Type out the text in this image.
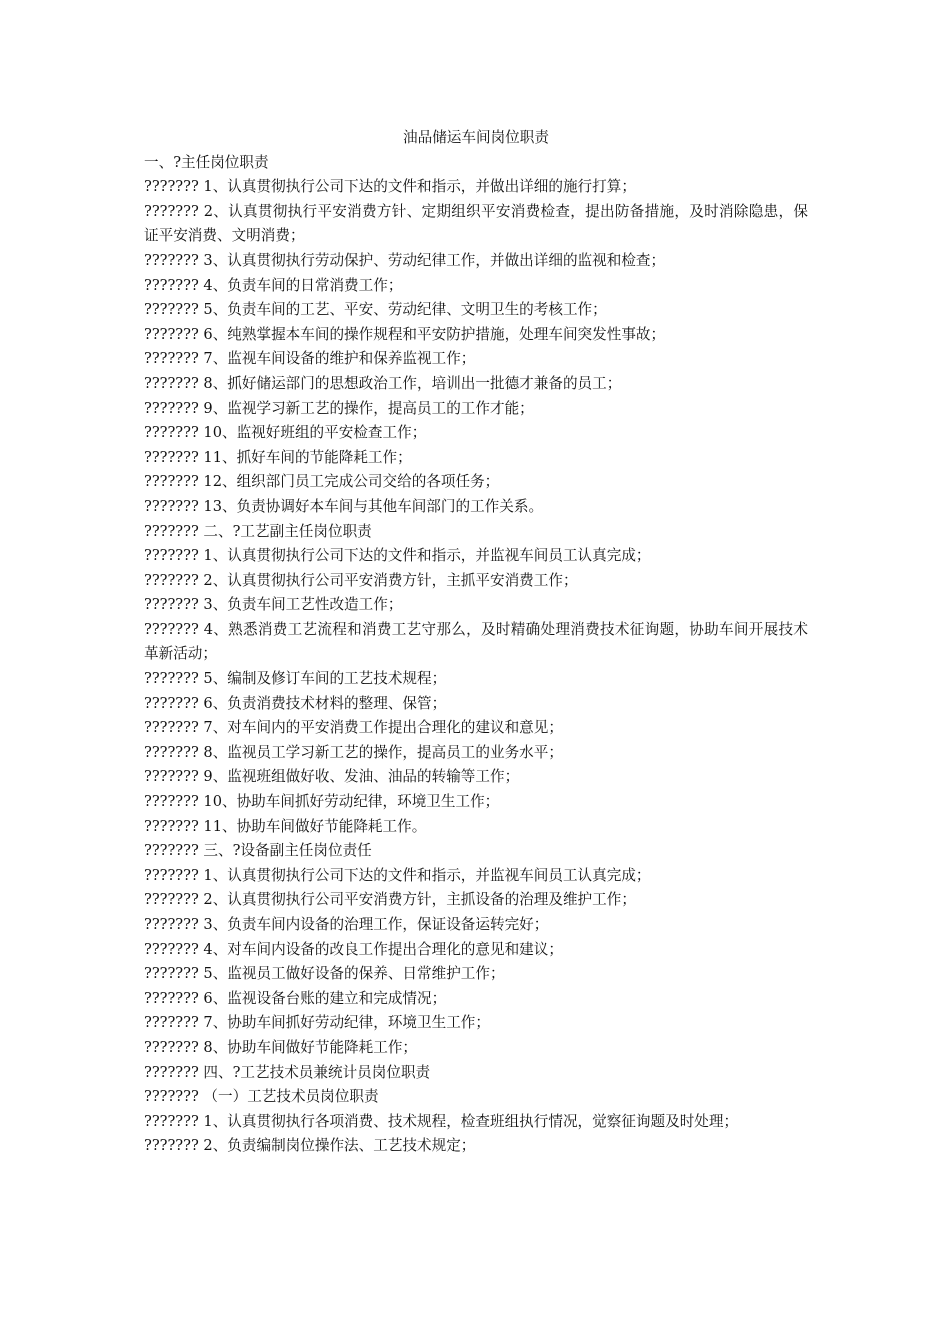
油品储运车间岗位职责

一、?主任岗位职责

??????? 1、认真贯彻执行公司下达的文件和指示，并做出详细的施行打算；

??????? 2、认真贯彻执行平安消费方针、定期组织平安消费检查，提出防备措施，及时消除隐患，保证平安消费、文明消费；

??????? 3、认真贯彻执行劳动保护、劳动纪律工作，并做出详细的监视和检查；

??????? 4、负责车间的日常消费工作；

??????? 5、负责车间的工艺、平安、劳动纪律、文明卫生的考核工作；

??????? 6、纯熟掌握本车间的操作规程和平安防护措施，处理车间突发性事故；

??????? 7、监视车间设备的维护和保养监视工作；

??????? 8、抓好储运部门的思想政治工作，培训出一批德才兼备的员工；

??????? 9、监视学习新工艺的操作，提高员工的工作才能；

??????? 10、监视好班组的平安检查工作；

??????? 11、抓好车间的节能降耗工作；

??????? 12、组织部门员工完成公司交给的各项任务；

??????? 13、负责协调好本车间与其他车间部门的工作关系。

??????? 二、?工艺副主任岗位职责

??????? 1、认真贯彻执行公司下达的文件和指示，并监视车间员工认真完成；

??????? 2、认真贯彻执行公司平安消费方针，主抓平安消费工作；

??????? 3、负责车间工艺性改造工作；

??????? 4、熟悉消费工艺流程和消费工艺守那么，及时精确处理消费技术征询题，协助车间开展技术革新活动；

??????? 5、编制及修订车间的工艺技术规程；

??????? 6、负责消费技术材料的整理、保管；

??????? 7、对车间内的平安消费工作提出合理化的建议和意见；

??????? 8、监视员工学习新工艺的操作，提高员工的业务水平；

??????? 9、监视班组做好收、发油、油品的转输等工作；

??????? 10、协助车间抓好劳动纪律，环境卫生工作；

??????? 11、协助车间做好节能降耗工作。

??????? 三、?设备副主任岗位责任

??????? 1、认真贯彻执行公司下达的文件和指示，并监视车间员工认真完成；

??????? 2、认真贯彻执行公司平安消费方针，主抓设备的治理及维护工作；

??????? 3、负责车间内设备的治理工作，保证设备运转完好；

??????? 4、对车间内设备的改良工作提出合理化的意见和建议；

??????? 5、监视员工做好设备的保养、日常维护工作；

??????? 6、监视设备台账的建立和完成情况；

??????? 7、协助车间抓好劳动纪律，环境卫生工作；

??????? 8、协助车间做好节能降耗工作；

??????? 四、?工艺技术员兼统计员岗位职责

??????? （一）工艺技术员岗位职责

??????? 1、认真贯彻执行各项消费、技术规程，检查班组执行情况，觉察征询题及时处理；

??????? 2、负责编制岗位操作法、工艺技术规定；
